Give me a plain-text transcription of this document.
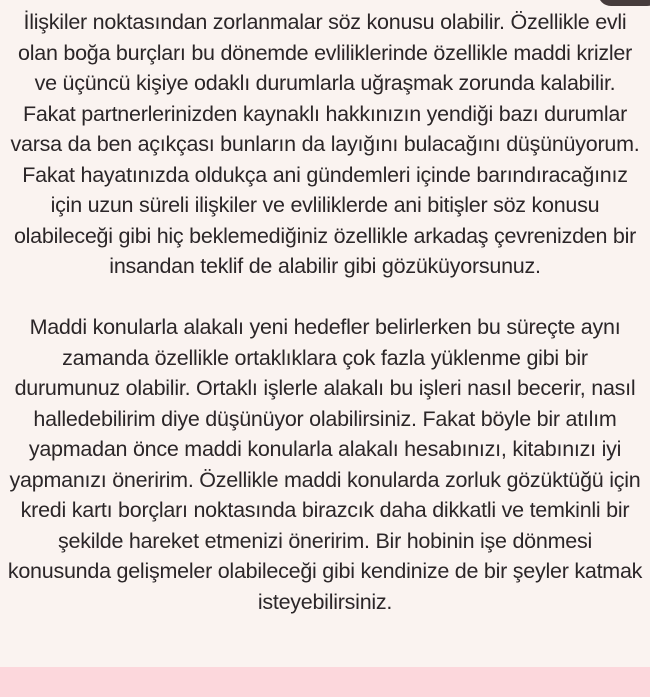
İlişkiler noktasından zorlanmalar söz konusu olabilir. Özellikle evli olan boğa burçları bu dönemde evliliklerinde özellikle maddi krizler ve üçüncü kişiye odaklı durumlarla uğraşmak zorunda kalabilir. Fakat partnerlerinizden kaynaklı hakkınızın yendiği bazı durumlar varsa da ben açıkçası bunların da layığını bulacağını düşünüyorum. Fakat hayatınızda oldukça ani gündemleri içinde barındıracağınız için uzun süreli ilişkiler ve evliliklerde ani bitişler söz konusu olabileceği gibi hiç beklemediğiniz özellikle arkadaş çevrenizden bir insandan teklif de alabilir gibi gözüküyorsunuz.

Maddi konularla alakalı yeni hedefler belirlerken bu süreçte aynı zamanda özellikle ortaklıklara çok fazla yüklenme gibi bir durumunuz olabilir. Ortaklı işlerle alakalı bu işleri nasıl becerir, nasıl halledebilirim diye düşünüyor olabilirsiniz. Fakat böyle bir atılım yapmadan önce maddi konularla alakalı hesabınızı, kitabınızı iyi yapmanızı öneririm. Özellikle maddi konularda zorluk gözüktüğü için kredi kartı borçları noktasında birazcık daha dikkatli ve temkinli bir şekilde hareket etmenizi öneririm. Bir hobinin işe dönmesi konusunda gelişmeler olabileceği gibi kendinize de bir şeyler katmak isteyebilirsiniz.
